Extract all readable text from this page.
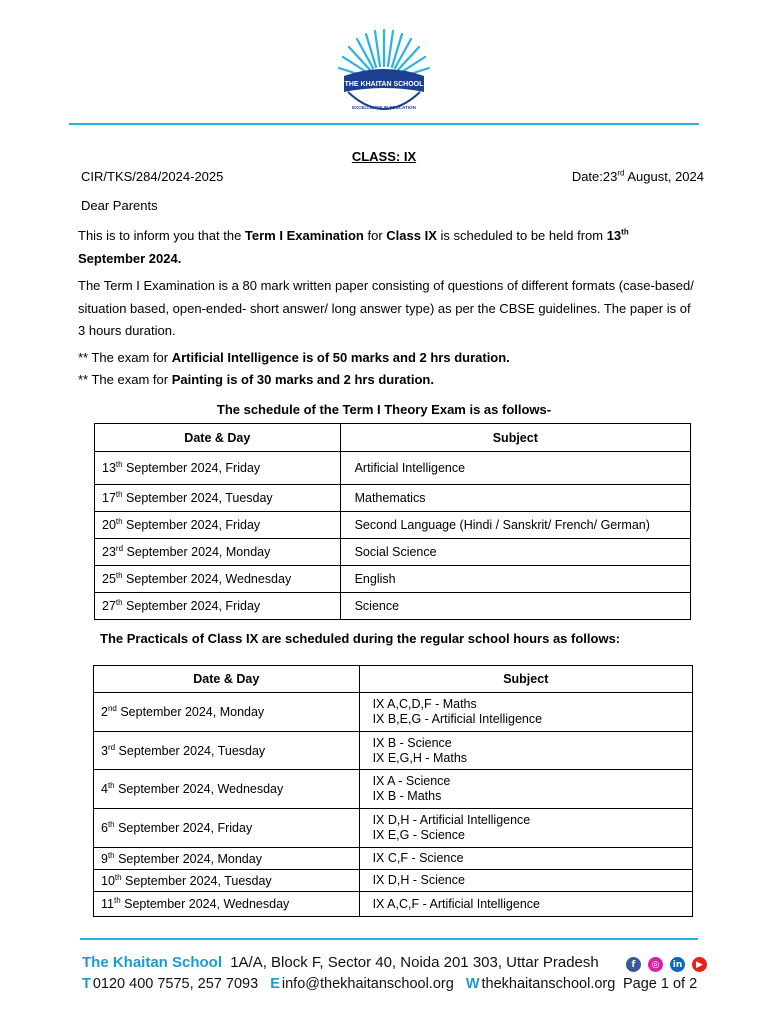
THE KHAITAN SCHOOL
EXCELLENCE IN EDUCATION
CLASS: IX
CIR/TKS/284/2024-2025	Date:23rd August, 2024
Dear Parents
This is to inform you that the Term I Examination for Class IX is scheduled to be held from 13th
September 2024.
The Term I Examination is a 80 mark written paper consisting of questions of different formats (case-based/ situation based, open-ended- short answer/ long answer type) as per the CBSE guidelines. The paper is of 3 hours duration.
** The exam for Artificial Intelligence is of 50 marks and 2 hrs duration.
** The exam for Painting is of 30 marks and 2 hrs duration.
The schedule of the Term I Theory Exam is as follows-
Date & Day	Subject
13th September 2024, Friday	Artificial Intelligence
17th September 2024, Tuesday	Mathematics
20th September 2024, Friday	Second Language (Hindi / Sanskrit/ French/ German)
23rd September 2024, Monday	Social Science
25th September 2024, Wednesday	English
27th September 2024, Friday	Science
The Practicals of Class IX are scheduled during the regular school hours as follows:
Date & Day	Subject
2nd September 2024, Monday	IX A,C,D,F - Maths
IX B,E,G - Artificial Intelligence

3rd September 2024, Tuesday	IX B - Science
IX E,G,H - Maths

4th September 2024, Wednesday	IX A - Science
IX B - Maths

6th September 2024, Friday	IX D,H - Artificial Intelligence
IX E,G - Science

9th September 2024, Monday	IX C,F - Science

10th September 2024, Tuesday	IX D,H - Science

11th September 2024, Wednesday	IX A,C,F - Artificial Intelligence
The Khaitan School 1A/A, Block F, Sector 40, Noida 201 303, Uttar Pradesh	f	◎	in	▶
T 0120 400 7575, 257 7093 E info@thekhaitanschool.org W thekhaitanschool.org Page 1 of 2
